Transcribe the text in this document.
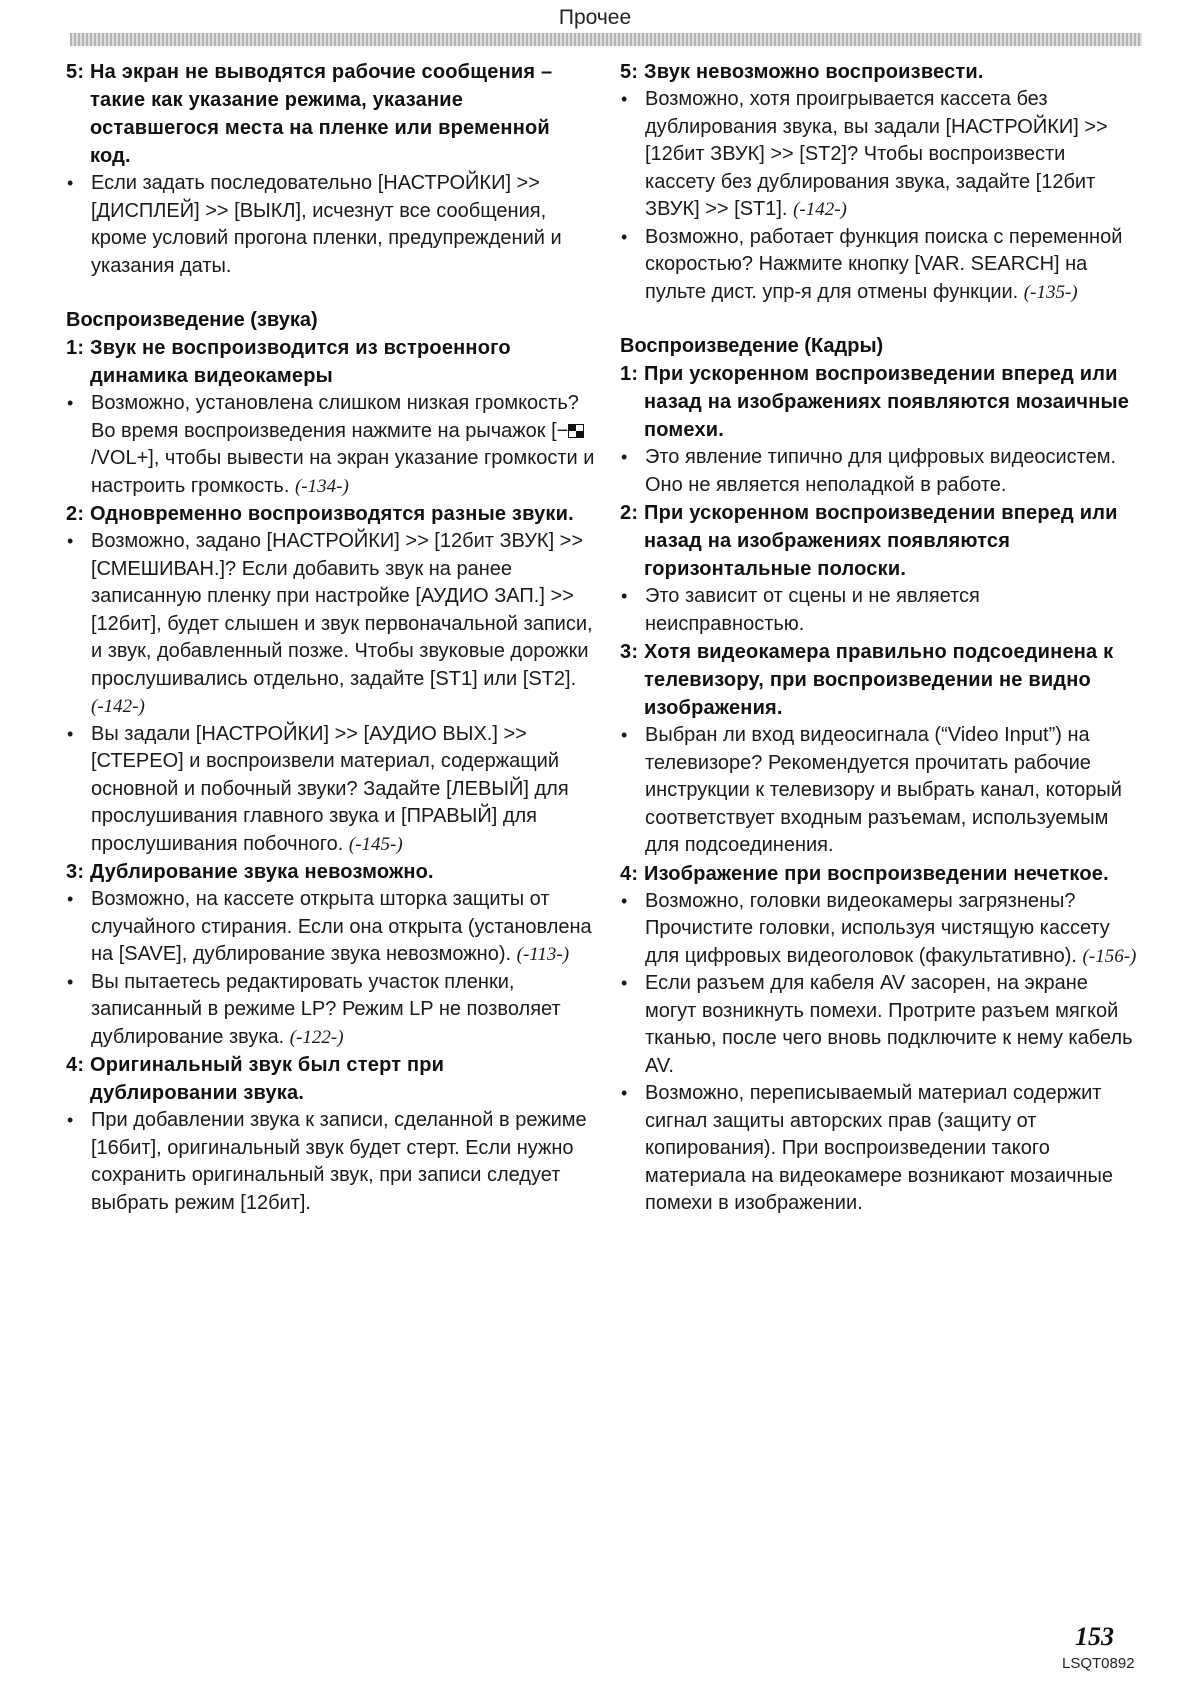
Прочее
5: На экран не выводятся рабочие сообщения – такие как указание режима, указание оставшегося места на пленке или временной код.
• Если задать последовательно [НАСТРОЙКИ] >> [ДИСПЛЕЙ] >> [ВЫКЛ], исчезнут все сообщения, кроме условий прогона пленки, предупреждений и указания даты.
Воспроизведение (звука)
1: Звук не воспроизводится из встроенного динамика видеокамеры
• Возможно, установлена слишком низкая громкость? Во время воспроизведения нажмите на рычажок [−/VOL+], чтобы вывести на экран указание громкости и настроить громкость. (-134-)
2: Одновременно воспроизводятся разные звуки.
• Возможно, задано [НАСТРОЙКИ] >> [12бит ЗВУК] >> [СМЕШИВАН.]? Если добавить звук на ранее записанную пленку при настройке [АУДИО ЗАП.] >> [12бит], будет слышен и звук первоначальной записи, и звук, добавленный позже. Чтобы звуковые дорожки прослушивались отдельно, задайте [ST1] или [ST2]. (-142-)
• Вы задали [НАСТРОЙКИ] >> [АУДИО ВЫХ.] >> [СТЕРЕО] и воспроизвели материал, содержащий основной и побочный звуки? Задайте [ЛЕВЫЙ] для прослушивания главного звука и [ПРАВЫЙ] для прослушивания побочного. (-145-)
3: Дублирование звука невозможно.
• Возможно, на кассете открыта шторка защиты от случайного стирания. Если она открыта (установлена на [SAVE], дублирование звука невозможно). (-113-)
• Вы пытаетесь редактировать участок пленки, записанный в режиме LP? Режим LP не позволяет дублирование звука. (-122-)
4: Оригинальный звук был стерт при дублировании звука.
• При добавлении звука к записи, сделанной в режиме [16бит], оригинальный звук будет стерт. Если нужно сохранить оригинальный звук, при записи следует выбрать режим [12бит].
5: Звук невозможно воспроизвести.
• Возможно, хотя проигрывается кассета без дублирования звука, вы задали [НАСТРОЙКИ] >> [12бит ЗВУК] >> [ST2]? Чтобы воспроизвести кассету без дублирования звука, задайте [12бит ЗВУК] >> [ST1]. (-142-)
• Возможно, работает функция поиска с переменной скоростью? Нажмите кнопку [VAR. SEARCH] на пульте дист. упр-я для отмены функции. (-135-)
Воспроизведение (Кадры)
1: При ускоренном воспроизведении вперед или назад на изображениях появляются мозаичные помехи.
• Это явление типично для цифровых видеосистем. Оно не является неполадкой в работе.
2: При ускоренном воспроизведении вперед или назад на изображениях появляются горизонтальные полоски.
• Это зависит от сцены и не является неисправностью.
3: Хотя видеокамера правильно подсоединена к телевизору, при воспроизведении не видно изображения.
• Выбран ли вход видеосигнала (“Video Input”) на телевизоре? Рекомендуется прочитать рабочие инструкции к телевизору и выбрать канал, который соответствует входным разъемам, используемым для подсоединения.
4: Изображение при воспроизведении нечеткое.
• Возможно, головки видеокамеры загрязнены? Прочистите головки, используя чистящую кассету для цифровых видеоголовок (факультативно). (-156-)
• Если разъем для кабеля AV засорен, на экране могут возникнуть помехи. Протрите разъем мягкой тканью, после чего вновь подключите к нему кабель AV.
• Возможно, переписываемый материал содержит сигнал защиты авторских прав (защиту от копирования). При воспроизведении такого материала на видеокамере возникают мозаичные помехи в изображении.
153
LSQT0892
